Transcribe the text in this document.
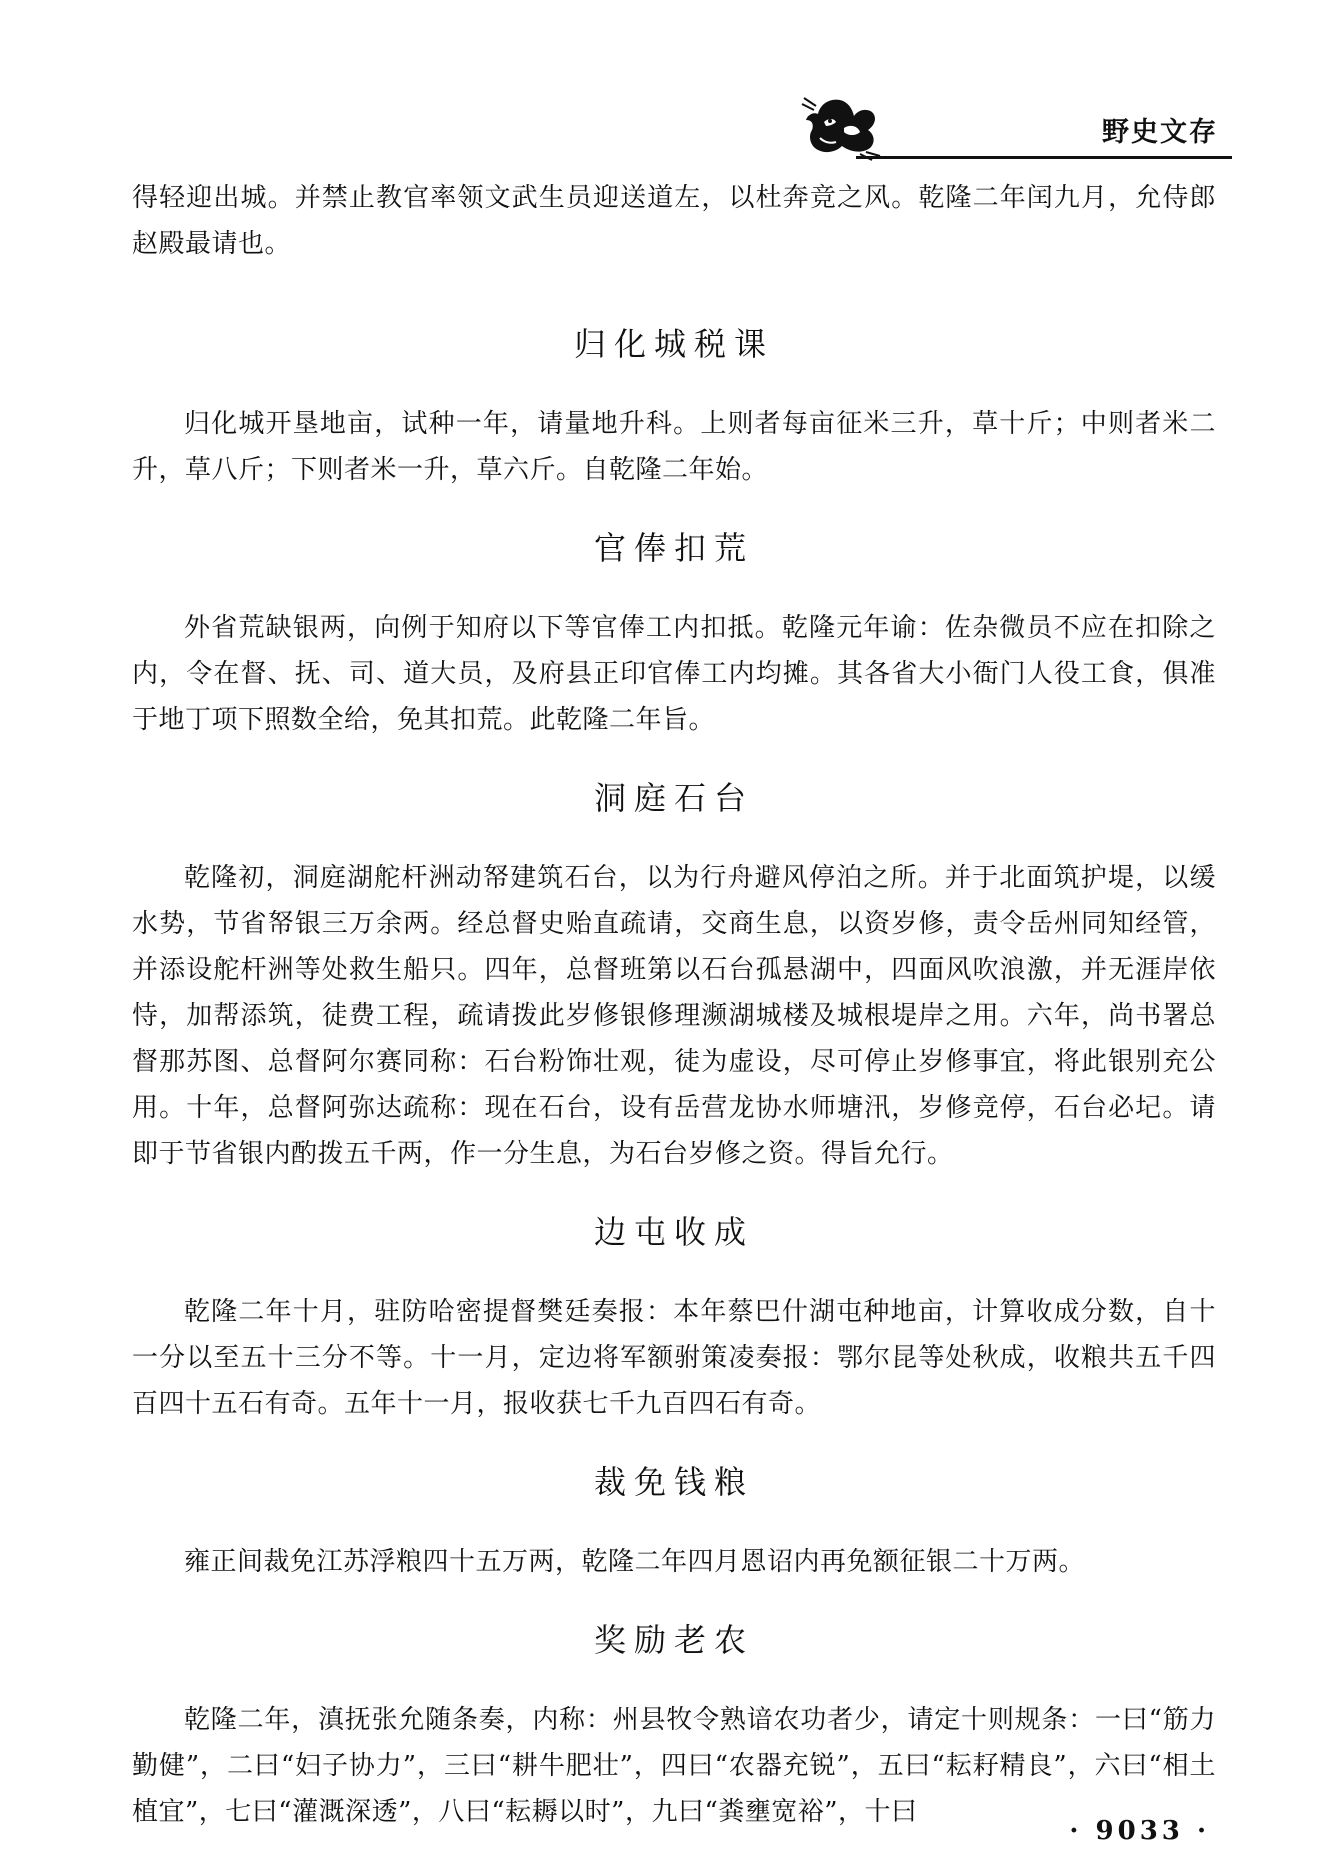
野史文存

得轻迎出城。并禁止教官率领文武生员迎送道左，以杜奔竞之风。乾隆二年闰九月，允侍郎赵殿最请也。

归化城税课

归化城开垦地亩，试种一年，请量地升科。上则者每亩征米三升，草十斤；中则者米二升，草八斤；下则者米一升，草六斤。自乾隆二年始。

官俸扣荒

外省荒缺银两，向例于知府以下等官俸工内扣抵。乾隆元年谕：佐杂微员不应在扣除之内，令在督、抚、司、道大员，及府县正印官俸工内均摊。其各省大小衙门人役工食，俱准于地丁项下照数全给，免其扣荒。此乾隆二年旨。

洞庭石台

乾隆初，洞庭湖舵杆洲动帑建筑石台，以为行舟避风停泊之所。并于北面筑护堤，以缓水势，节省帑银三万余两。经总督史贻直疏请，交商生息，以资岁修，责令岳州同知经管，并添设舵杆洲等处救生船只。四年，总督班第以石台孤悬湖中，四面风吹浪激，并无涯岸依恃，加帮添筑，徒费工程，疏请拨此岁修银修理濒湖城楼及城根堤岸之用。六年，尚书署总督那苏图、总督阿尔赛同称：石台粉饰壮观，徒为虚设，尽可停止岁修事宜，将此银别充公用。十年，总督阿弥达疏称：现在石台，设有岳营龙协水师塘汛，岁修竞停，石台必圮。请即于节省银内酌拨五千两，作一分生息，为石台岁修之资。得旨允行。

边屯收成

乾隆二年十月，驻防哈密提督樊廷奏报：本年蔡巴什湖屯种地亩，计算收成分数，自十一分以至五十三分不等。十一月，定边将军额驸策凌奏报：鄂尔昆等处秋成，收粮共五千四百四十五石有奇。五年十一月，报收获七千九百四石有奇。

裁免钱粮

雍正间裁免江苏浮粮四十五万两，乾隆二年四月恩诏内再免额征银二十万两。

奖励老农

乾隆二年，滇抚张允随条奏，内称：州县牧令熟谙农功者少，请定十则规条：一曰“筋力勤健”，二曰“妇子协力”，三曰“耕牛肥壮”，四曰“农器充锐”，五曰“耘耔精良”，六曰“相土植宜”，七曰“灌溉深透”，八曰“耘耨以时”，九曰“粪壅宽裕”，十曰

· 9033 ·
